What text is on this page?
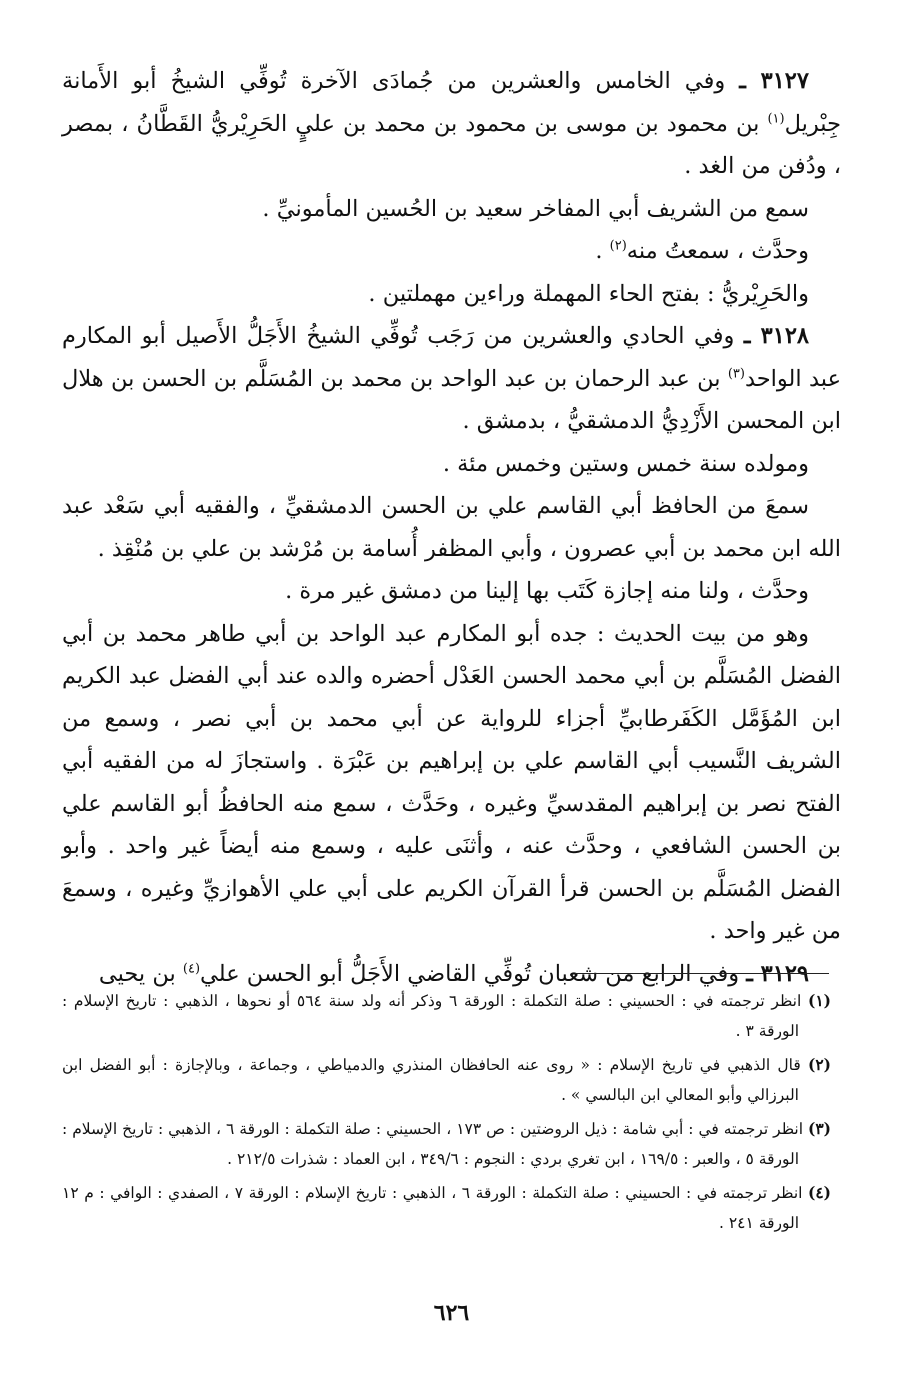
٣١٢٧ ـ وفي الخامس والعشرين من جُمادَى الآخرة تُوفِّي الشيخُ أبو الأَمانة جِبْريل$^{(١)}$ بن محمود بن موسى بن محمود بن محمد بن عليٍ الحَرِيْريُّ القَطَّانُ ، بمصر ، ودُفن من الغد .

سمع من الشريف أبي المفاخر سعيد بن الحُسين المأمونيِّ .

وحدَّث ، سمعتُ منه$^{(٢)}$ .

والحَرِيْريُّ : بفتح الحاء المهملة وراءين مهملتين .

٣١٢٨ ـ وفي الحادي والعشرين من رَجَب تُوفِّي الشيخُ الأَجَلُّ الأَصيل أبو المكارم عبد الواحد$^{(٣)}$ بن عبد الرحمان بن عبد الواحد بن محمد بن المُسَلَّم بن الحسن بن هلال ابن المحسن الأَزْدِيُّ الدمشقيُّ ، بدمشق .

ومولده سنة خمس وستين وخمس مئة .

سمعَ من الحافظ أبي القاسم علي بن الحسن الدمشقيِّ ، والفقيه أبي سَعْد عبد الله ابن محمد بن أبي عصرون ، وأبي المظفر أُسامة بن مُرْشد بن علي بن مُنْقِذ .

وحدَّث ، ولنا منه إجازة كَتَب بها إلينا من دمشق غير مرة .

وهو من بيت الحديث : جده أبو المكارم عبد الواحد بن أبي طاهر محمد بن أبي الفضل المُسَلَّم بن أبي محمد الحسن العَدْل أحضره والده عند أبي الفضل عبد الكريم ابن المُؤَمَّل الكَفَرطابيِّ أجزاء للرواية عن أبي محمد بن أبي نصر ، وسمع من الشريف النَّسيب أبي القاسم علي بن إبراهيم بن عَبْرَة . واستجازَ له من الفقيه أبي الفتح نصر بن إبراهيم المقدسيِّ وغيره ، وحَدَّث ، سمع منه الحافظُ أبو القاسم علي بن الحسن الشافعي ، وحدَّث عنه ، وأثنَى عليه ، وسمع منه أيضاً غير واحد . وأبو الفضل المُسَلَّم بن الحسن قرأ القرآن الكريم على أبي علي الأهوازيِّ وغيره ، وسمعَ من غير واحد .

٣١٢٩ ـ وفي الرابع من شعبان تُوفِّي القاضي الأَجَلُّ أبو الحسن علي$^{(٤)}$ بن يحيى

(١) انظر ترجمته في : الحسيني : صلة التكملة : الورقة ٦ وذكر أنه ولد سنة ٥٦٤ أو نحوها ، الذهبي : تاريخ الإسلام : الورقة ٣ .

(٢) قال الذهبي في تاريخ الإسلام : « روى عنه الحافظان المنذري والدمياطي ، وجماعة ، وبالإجازة : أبو الفضل ابن البرزالي وأبو المعالي ابن البالسي » .

(٣) انظر ترجمته في : أبي شامة : ذيل الروضتين : ص ١٧٣ ، الحسيني : صلة التكملة : الورقة ٦ ، الذهبي : تاريخ الإسلام : الورقة ٥ ، والعبر : ١٦٩/٥ ، ابن تغري بردي : النجوم : ٣٤٩/٦ ، ابن العماد : شذرات ٢١٢/٥ .

(٤) انظر ترجمته في : الحسيني : صلة التكملة : الورقة ٦ ، الذهبي : تاريخ الإسلام : الورقة ٧ ، الصفدي : الوافي : م ١٢ الورقة ٢٤١ .

٦٢٦
